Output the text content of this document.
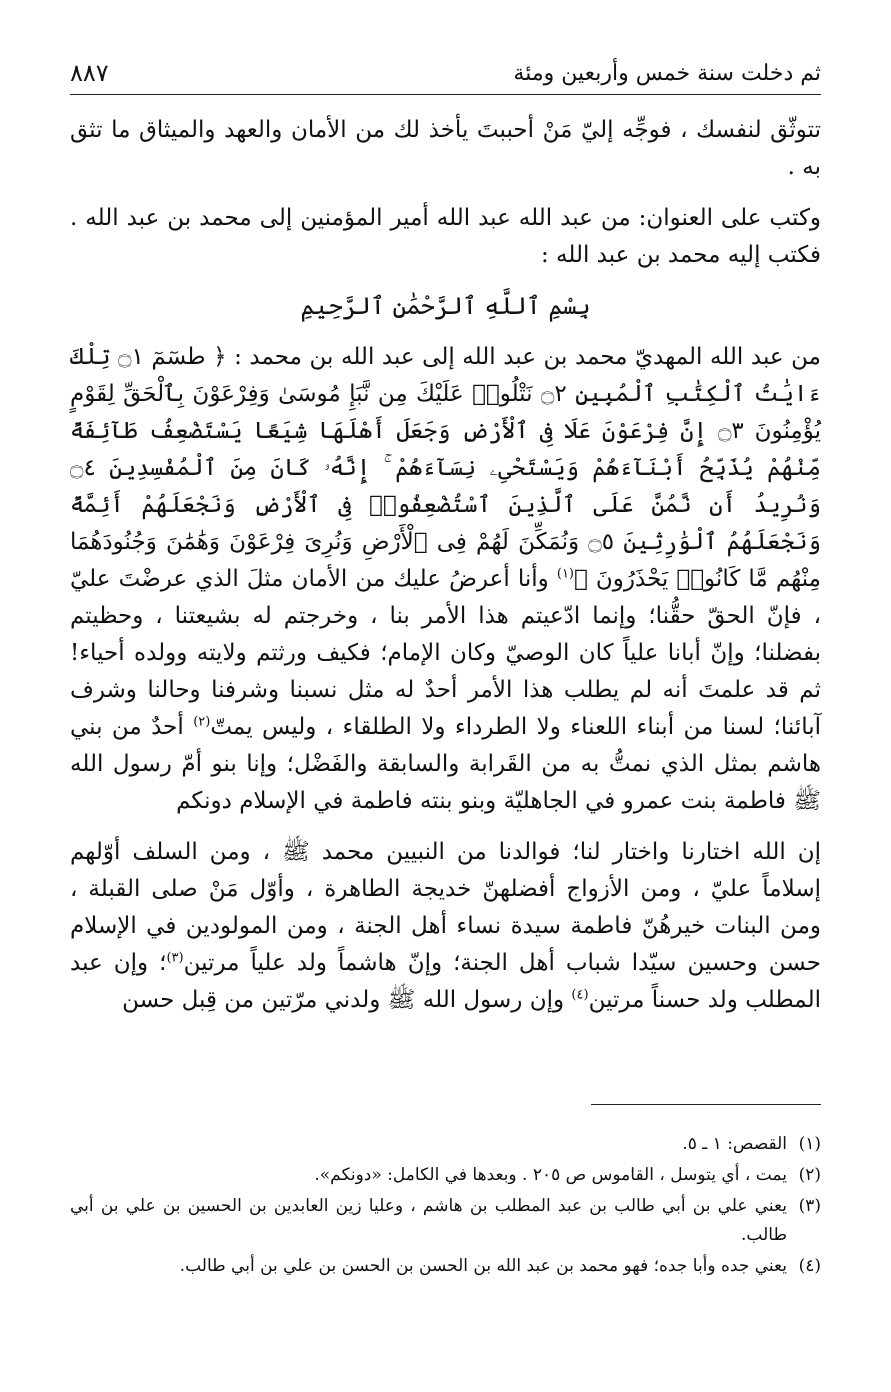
ثم دخلت سنة خمس وأربعين ومئة
٨٨٧

تتوثّق لنفسك ، فوجِّه إليّ مَنْ أحببتَ يأخذ لك من الأمان والعهد والميثاق ما تثق به .

وكتب على العنوان: من عبد الله عبد الله أمير المؤمنين إلى محمد بن عبد الله . فكتب إليه محمد بن عبد الله :

بِسْمِ ٱللَّهِ ٱلرَّحْمَٰنِ ٱلرَّحِيمِ

من عبد الله المهديّ محمد بن عبد الله إلى عبد الله بن محمد : ﴿ طسٓمٓ ۝١ تِلْكَ ءَايَٰتُ ٱلْكِتَٰبِ ٱلْمُبِينِ ۝٢ نَتْلُوا۟ عَلَيْكَ مِن نَّبَإِ مُوسَىٰ وَفِرْعَوْنَ بِٱلْحَقِّ لِقَوْمٍ يُؤْمِنُونَ ۝٣ إِنَّ فِرْعَوْنَ عَلَا فِى ٱلْأَرْضِ وَجَعَلَ أَهْلَهَا شِيَعًا يَسْتَضْعِفُ طَآئِفَةً مِّنْهُمْ يُذَبِّحُ أَبْنَآءَهُمْ وَيَسْتَحْىِۦ نِسَآءَهُمْ ۚ إِنَّهُۥ كَانَ مِنَ ٱلْمُفْسِدِينَ ۝٤ وَنُرِيدُ أَن نَّمُنَّ عَلَى ٱلَّذِينَ ٱسْتُضْعِفُوا۟ فِى ٱلْأَرْضِ وَنَجْعَلَهُمْ أَئِمَّةً وَنَجْعَلَهُمُ ٱلْوَٰرِثِينَ ۝٥ وَنُمَكِّنَ لَهُمْ فِى ٱلْأَرْضِ وَنُرِىَ فِرْعَوْنَ وَهَٰمَٰنَ وَجُنُودَهُمَا مِنْهُم مَّا كَانُوا۟ يَحْذَرُونَ ﴾$^{(١)}$ وأنا أعرضُ عليك من الأمان مثلَ الذي عرضْتَ عليّ ، فإنّ الحقّ حقُّنا؛ وإنما ادّعيتم هذا الأمر بنا ، وخرجتم له بشيعتنا ، وحظيتم بفضلنا؛ وإنّ أبانا علياً كان الوصيّ وكان الإمام؛ فكيف ورثتم ولايته وولده أحياء! ثم قد علمتَ أنه لم يطلب هذا الأمر أحدٌ له مثل نسبنا وشرفنا وحالنا وشرف آبائنا؛ لسنا من أبناء اللعناء ولا الطرداء ولا الطلقاء ، وليس يمتّ$^{(٢)}$ أحدٌ من بني هاشم بمثل الذي نمتُّ به من القَرابة والسابقة والفَضْل؛ وإنا بنو أمّ رسول الله ﷺ فاطمة بنت عمرو في الجاهليّة وبنو بنته فاطمة في الإسلام دونكم

إن الله اختارنا واختار لنا؛ فوالدنا من النبيين محمد ﷺ ، ومن السلف أوّلهم إسلاماً عليّ ، ومن الأزواج أفضلهنّ خديجة الطاهرة ، وأوّل مَنْ صلى القبلة ، ومن البنات خيرهُنّ فاطمة سيدة نساء أهل الجنة ، ومن المولودين في الإسلام حسن وحسين سيّدا شباب أهل الجنة؛ وإنّ هاشماً ولد علياً مرتين$^{(٣)}$؛ وإن عبد المطلب ولد حسناً مرتين$^{(٤)}$ وإن رسول الله ﷺ ولدني مرّتين من قِبل حسن

(١)
القصص: ١ ـ ٥.
(٢)
يمت ، أي يتوسل ، القاموس ص ٢٠٥ . وبعدها في الكامل: «دونكم».
(٣)
يعني علي بن أبي طالب بن عبد المطلب بن هاشم ، وعليا زين العابدين بن الحسين بن علي بن أبي طالب.
(٤)
يعني جده وأبا جده؛ فهو محمد بن عبد الله بن الحسن بن الحسن بن علي بن أبي طالب.
